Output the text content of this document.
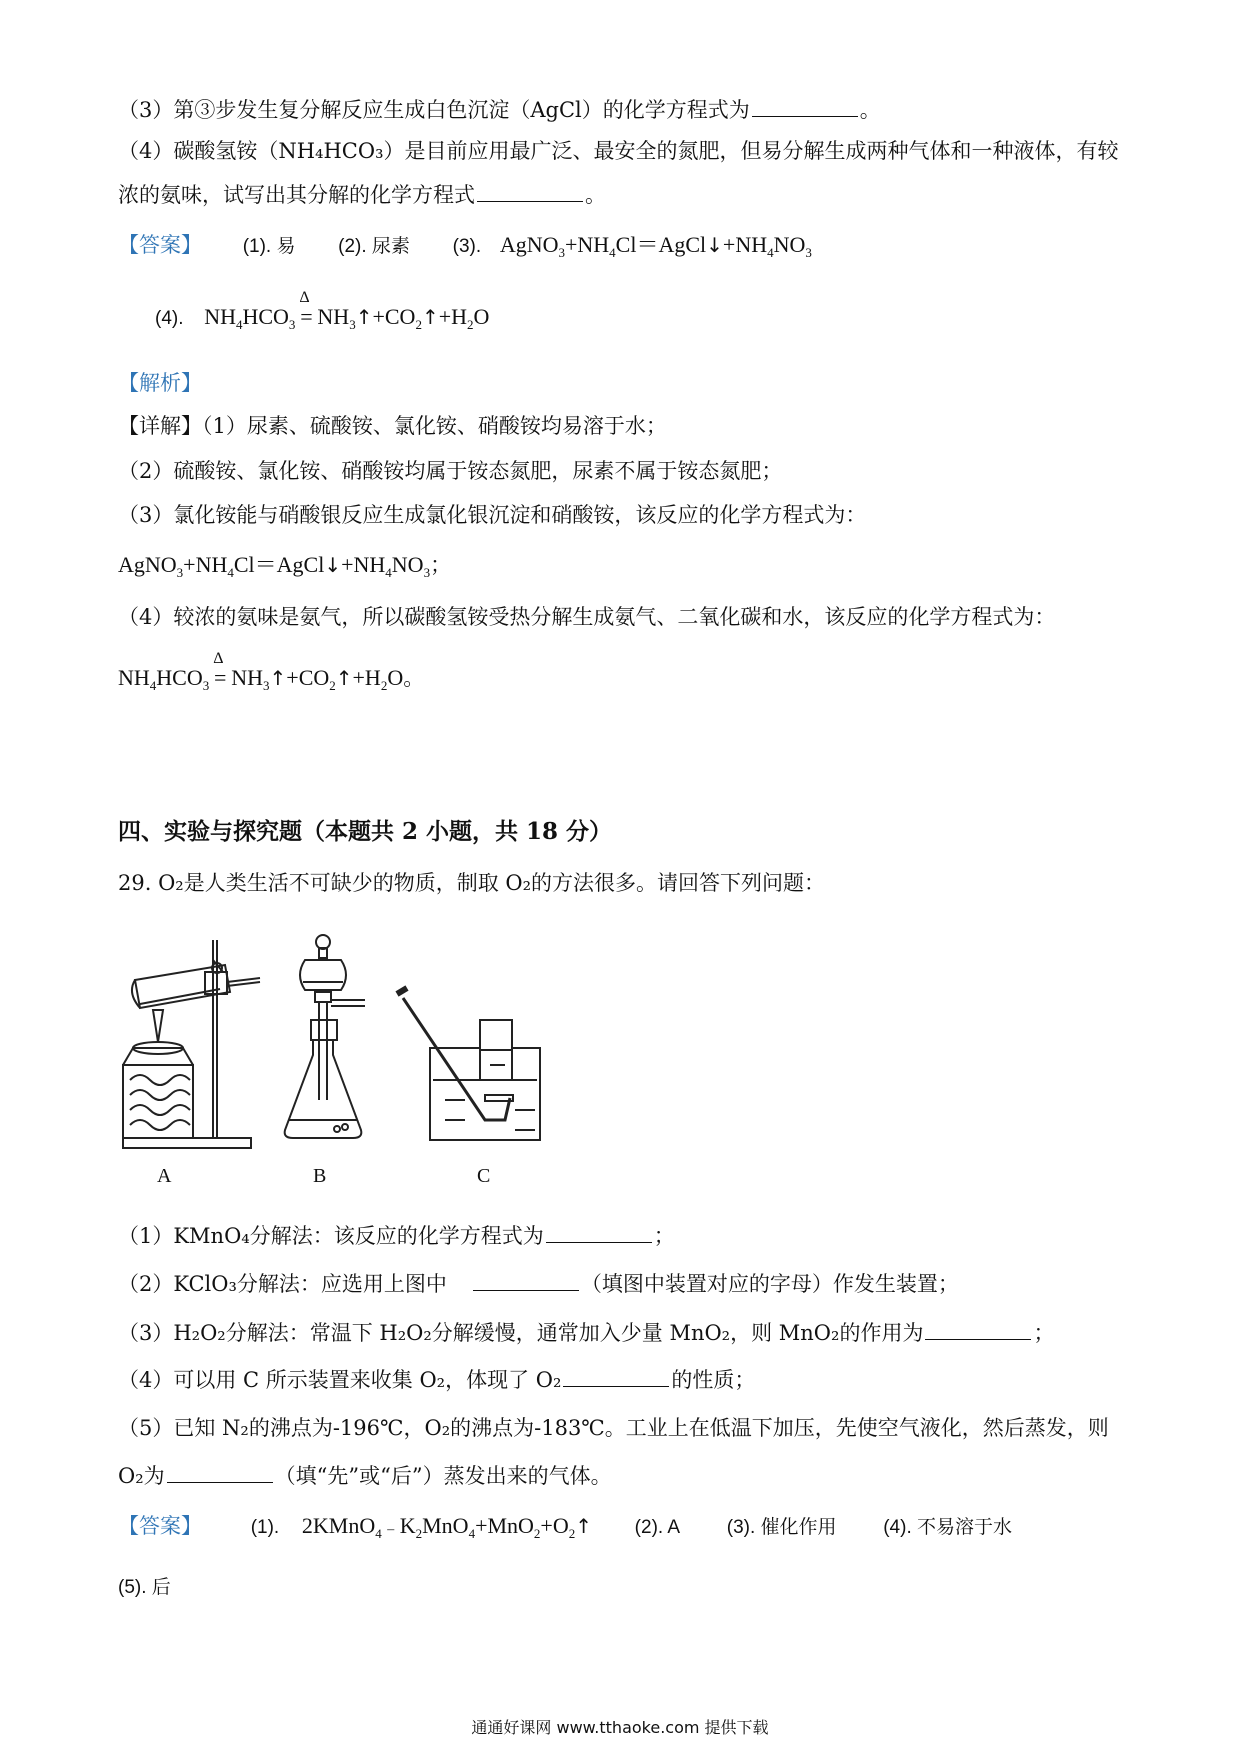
（3）第③步发生复分解反应生成白色沉淀（AgCl）的化学方程式为	。
（4）碳酸氢铵（NH₄HCO₃）是目前应用最广泛、最安全的氮肥，但易分解生成两种气体和一种液体，有较
浓的氨味，试写出其分解的化学方程式	。
【答案】 (1). 易 (2). 尿素 (3). $AgNO_3+NH_4Cl=AgCl↓+NH_4NO_3$
(4). $NH_4HCO_3$
Δ
= $NH_3↑+CO_2↑+H_2O$
【解析】
【详解】（1）尿素、硫酸铵、氯化铵、硝酸铵均易溶于水；
（2）硫酸铵、氯化铵、硝酸铵均属于铵态氮肥，尿素不属于铵态氮肥；
（3）氯化铵能与硝酸银反应生成氯化银沉淀和硝酸铵，该反应的化学方程式为：
$AgNO_3+NH_4Cl=AgCl↓+NH_4NO_3$；
（4）较浓的氨味是氨气，所以碳酸氢铵受热分解生成氨气、二氧化碳和水，该反应的化学方程式为：
$NH_4HCO_3$
Δ
= $NH_3↑+CO_2↑+H_2O$。
四、实验与探究题（本题共 2 小题，共 18 分）
29. O₂是人类生活不可缺少的物质，制取 O₂的方法很多。请回答下列问题：
A	B	C
（1）KMnO₄分解法：该反应的化学方程式为	；
（2）KClO₃分解法：应选用上图中	（填图中装置对应的字母）作发生装置；
（3）H₂O₂分解法：常温下 H₂O₂分解缓慢，通常加入少量 MnO₂，则 MnO₂的作用为	；
（4）可以用 C 所示装置来收集 O₂，体现了 O₂	的性质；
（5）已知 N₂的沸点为-196℃，O₂的沸点为-183℃。工业上在低温下加压，先使空气液化，然后蒸发，则
O₂为	（填“先”或“后”）蒸发出来的气体。
【答案】	(1). 2KMnO$_4$ – $K_2MnO_4+MnO_2+O_2↑$ (2). A (3). 催化作用 (4). 不易溶于水
(5). 后
通通好课网 www.tthaoke.com 提供下载
